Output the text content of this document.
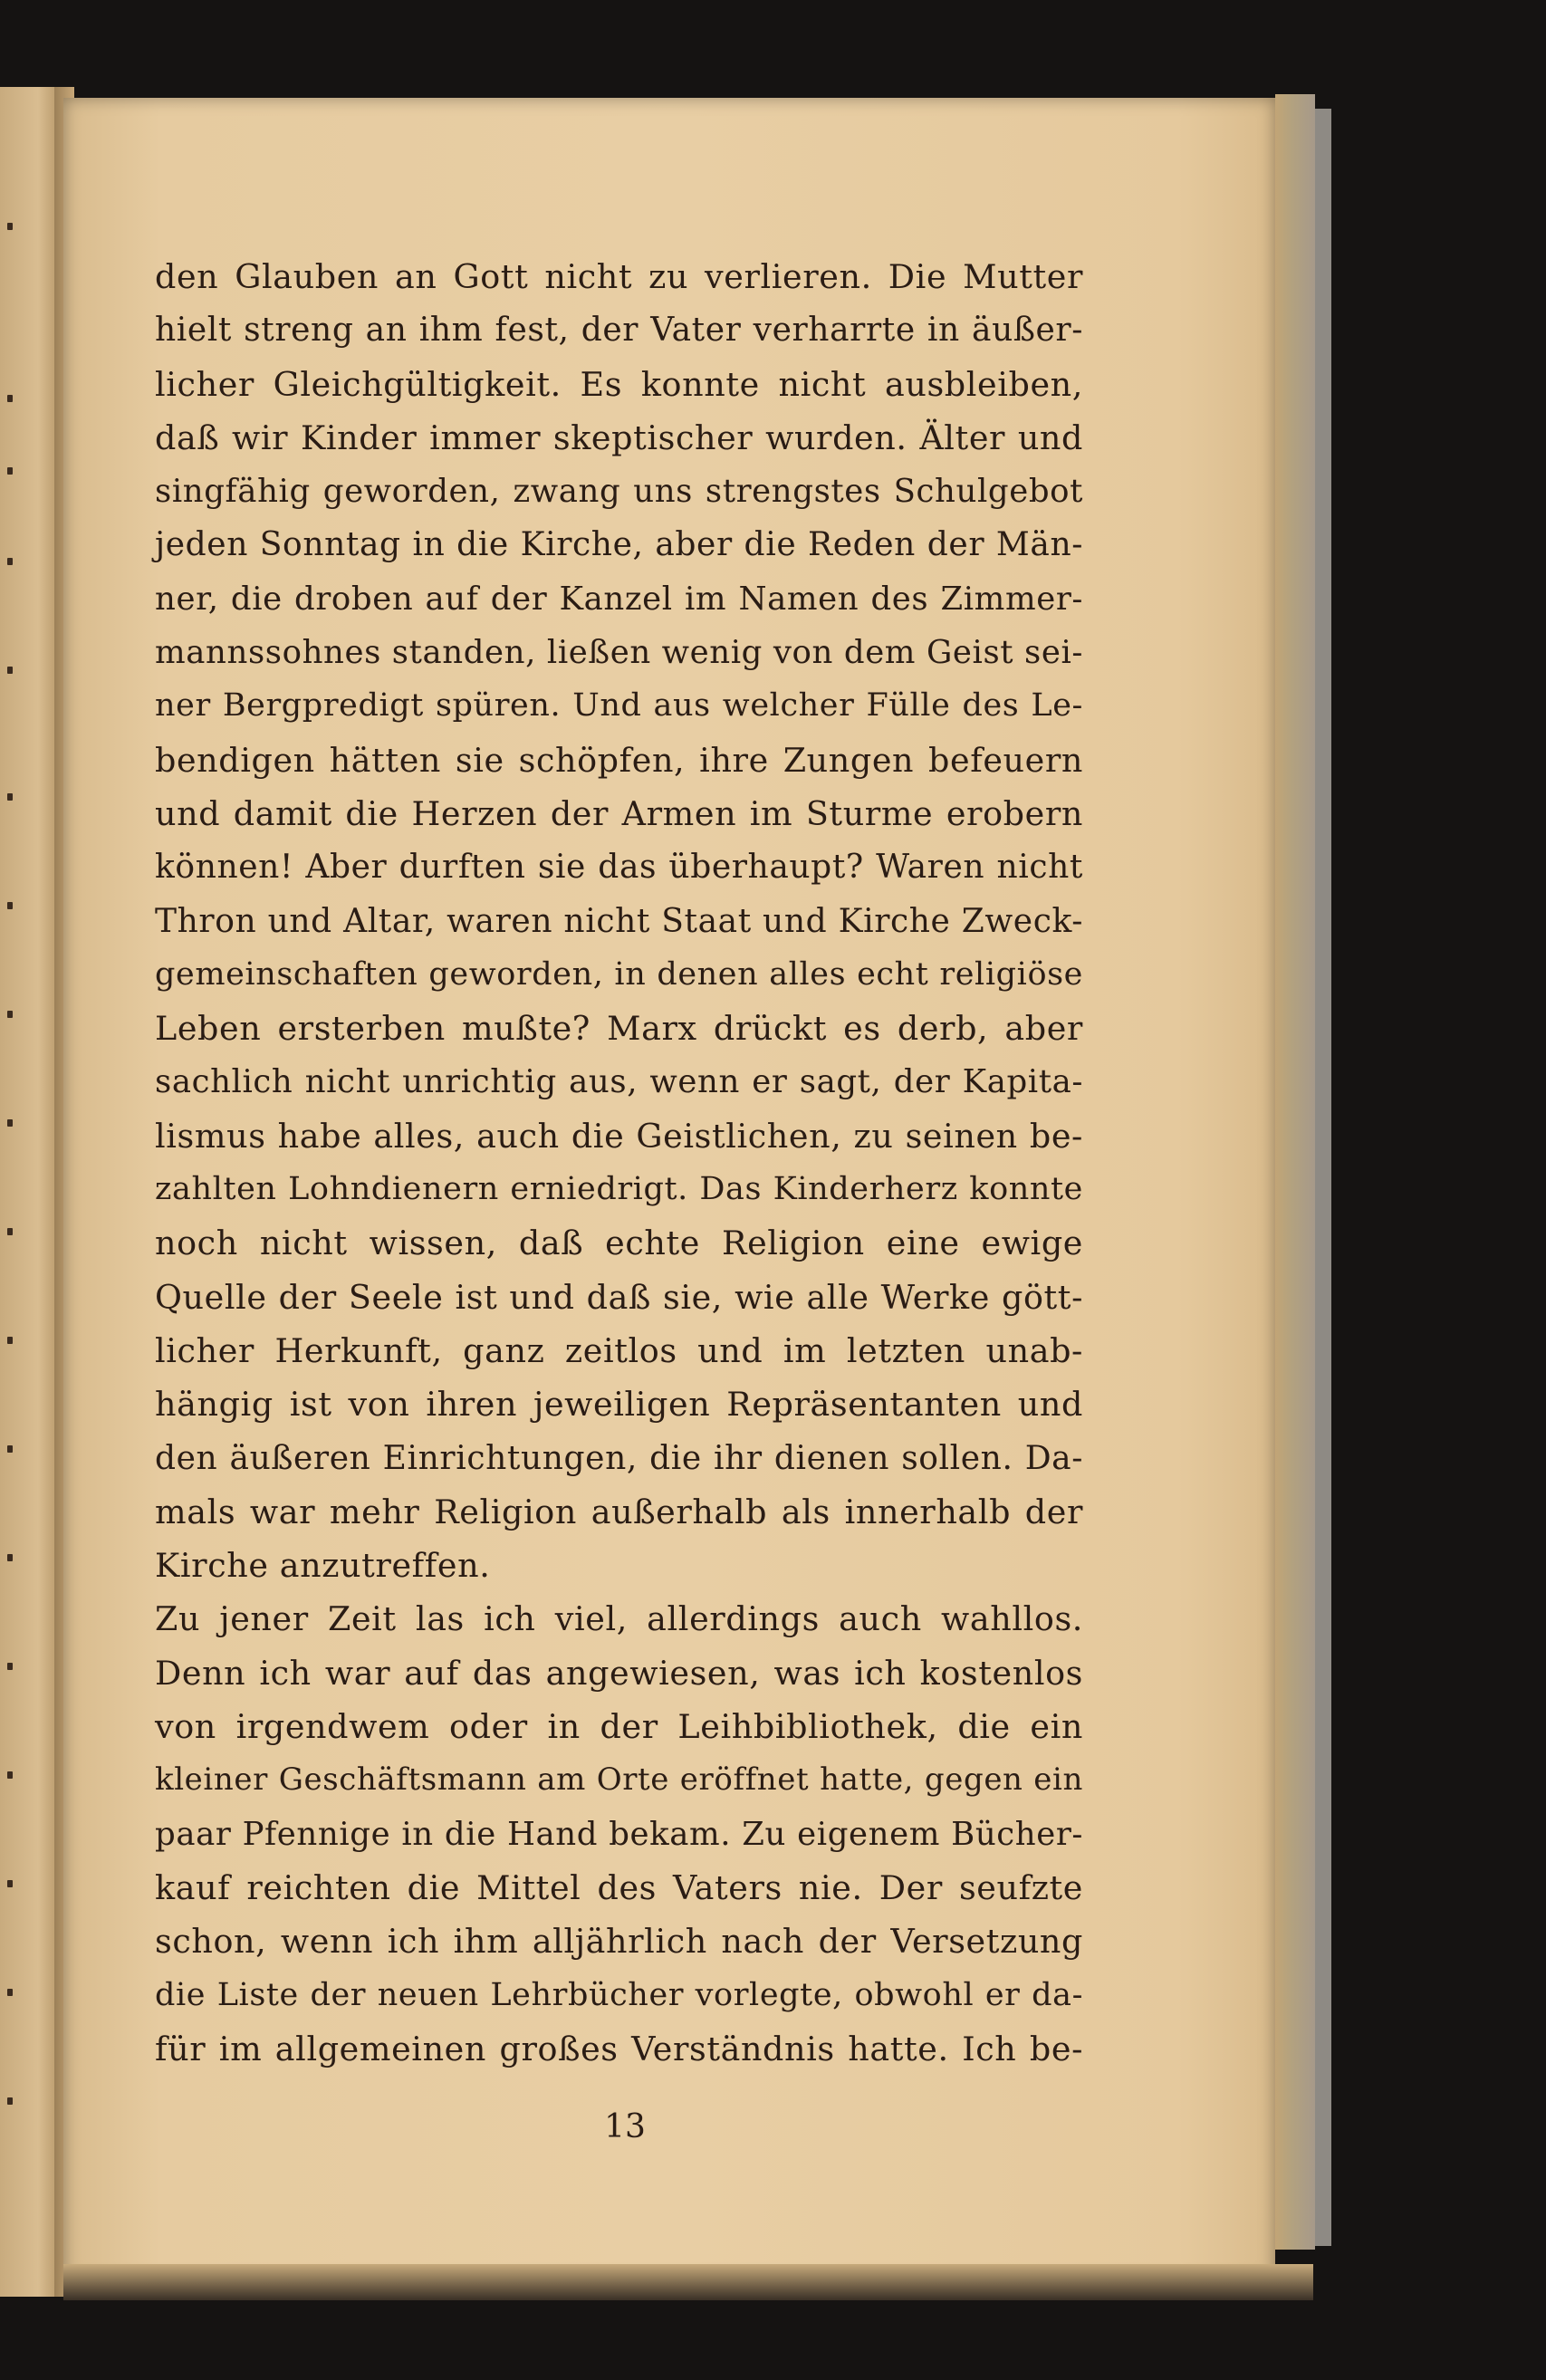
den Glauben an Gott nicht zu verlieren. Die Mutter
hielt streng an ihm fest, der Vater verharrte in äußer-
licher Gleichgültigkeit. Es konnte nicht ausbleiben,
daß wir Kinder immer skeptischer wurden. Älter und
singfähig geworden, zwang uns strengstes Schulgebot
jeden Sonntag in die Kirche, aber die Reden der Män-
ner, die droben auf der Kanzel im Namen des Zimmer-
mannssohnes standen, ließen wenig von dem Geist sei-
ner Bergpredigt spüren. Und aus welcher Fülle des Le-
bendigen hätten sie schöpfen, ihre Zungen befeuern
und damit die Herzen der Armen im Sturme erobern
können! Aber durften sie das überhaupt? Waren nicht
Thron und Altar, waren nicht Staat und Kirche Zweck-
gemeinschaften geworden, in denen alles echt religiöse
Leben ersterben mußte? Marx drückt es derb, aber
sachlich nicht unrichtig aus, wenn er sagt, der Kapita-
lismus habe alles, auch die Geistlichen, zu seinen be-
zahlten Lohndienern erniedrigt. Das Kinderherz konnte
noch nicht wissen, daß echte Religion eine ewige
Quelle der Seele ist und daß sie, wie alle Werke gött-
licher Herkunft, ganz zeitlos und im letzten unab-
hängig ist von ihren jeweiligen Repräsentanten und
den äußeren Einrichtungen, die ihr dienen sollen. Da-
mals war mehr Religion außerhalb als innerhalb der
Kirche anzutreffen.
Zu jener Zeit las ich viel, allerdings auch wahllos.
Denn ich war auf das angewiesen, was ich kostenlos
von irgendwem oder in der Leihbibliothek, die ein
kleiner Geschäftsmann am Orte eröffnet hatte, gegen ein
paar Pfennige in die Hand bekam. Zu eigenem Bücher-
kauf reichten die Mittel des Vaters nie. Der seufzte
schon, wenn ich ihm alljährlich nach der Versetzung
die Liste der neuen Lehrbücher vorlegte, obwohl er da-
für im allgemeinen großes Verständnis hatte. Ich be-
13
